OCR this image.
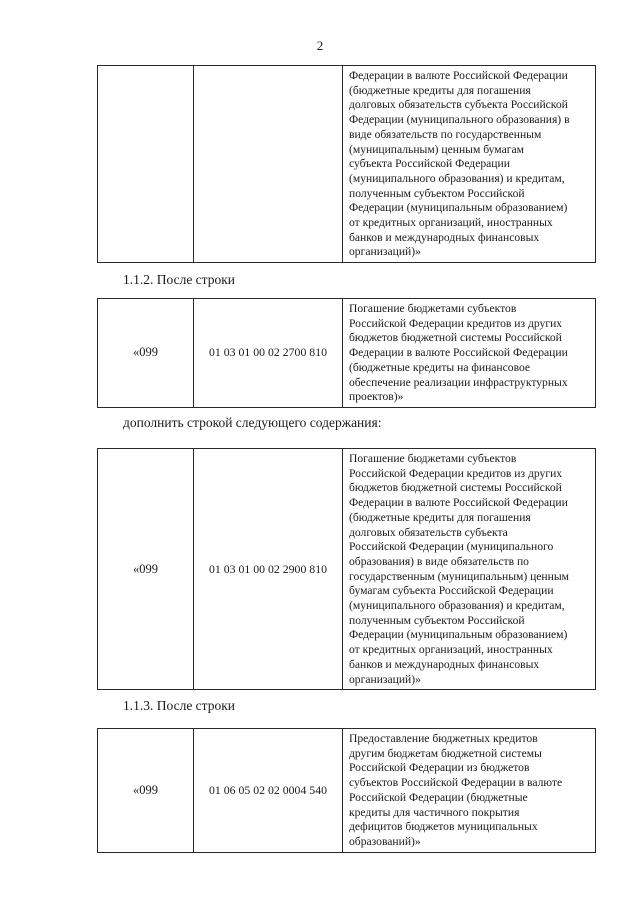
2

Федерации в валюте Российской Федерации
(бюджетные кредиты для погашения
долговых обязательств субъекта Российской
Федерации (муниципального образования) в
виде обязательств по государственным
(муниципальным) ценным бумагам
субъекта Российской Федерации
(муниципального образования) и кредитам,
полученным субъектом Российской
Федерации (муниципальным образованием)
от кредитных организаций, иностранных
банков и международных финансовых
организаций)»
1.1.2. После строки
«099	01 03 01 00 02 2700 810	
Погашение бюджетами субъектов
Российской Федерации кредитов из других
бюджетов бюджетной системы Российской
Федерации в валюте Российской Федерации
(бюджетные кредиты на финансовое
обеспечение реализации инфраструктурных
проектов)»
дополнить строкой следующего содержания:
«099	01 03 01 00 02 2900 810	
Погашение бюджетами субъектов
Российской Федерации кредитов из других
бюджетов бюджетной системы Российской
Федерации в валюте Российской Федерации
(бюджетные кредиты для погашения
долговых обязательств субъекта
Российской Федерации (муниципального
образования) в виде обязательств по
государственным (муниципальным) ценным
бумагам субъекта Российской Федерации
(муниципального образования) и кредитам,
полученным субъектом Российской
Федерации (муниципальным образованием)
от кредитных организаций, иностранных
банков и международных финансовых
организаций)»
1.1.3. После строки
«099	01 06 05 02 02 0004 540	
Предоставление бюджетных кредитов
другим бюджетам бюджетной системы
Российской Федерации из бюджетов
субъектов Российской Федерации в валюте
Российской Федерации (бюджетные
кредиты для частичного покрытия
дефицитов бюджетов муниципальных
образований)»
